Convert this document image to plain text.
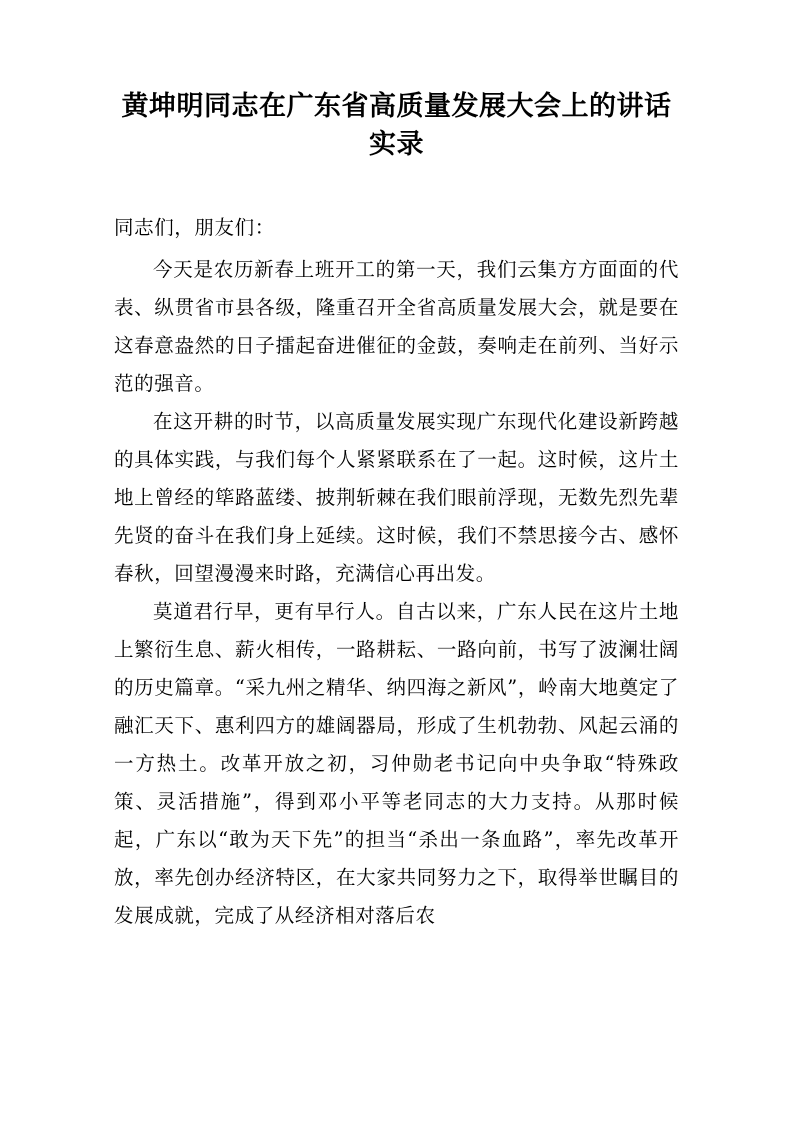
黄坤明同志在广东省高质量发展大会上的讲话实录

同志们，朋友们：

今天是农历新春上班开工的第一天，我们云集方方面面的代表、纵贯省市县各级，隆重召开全省高质量发展大会，就是要在这春意盎然的日子擂起奋进催征的金鼓，奏响走在前列、当好示范的强音。

在这开耕的时节，以高质量发展实现广东现代化建设新跨越的具体实践，与我们每个人紧紧联系在了一起。这时候，这片土地上曾经的筚路蓝缕、披荆斩棘在我们眼前浮现，无数先烈先辈先贤的奋斗在我们身上延续。这时候，我们不禁思接今古、感怀春秋，回望漫漫来时路，充满信心再出发。

莫道君行早，更有早行人。自古以来，广东人民在这片土地上繁衍生息、薪火相传，一路耕耘、一路向前，书写了波澜壮阔的历史篇章。“采九州之精华、纳四海之新风”，岭南大地奠定了融汇天下、惠利四方的雄阔器局，形成了生机勃勃、风起云涌的一方热土。改革开放之初，习仲勋老书记向中央争取“特殊政策、灵活措施”，得到邓小平等老同志的大力支持。从那时候起，广东以“敢为天下先”的担当“杀出一条血路”，率先改革开放，率先创办经济特区，在大家共同努力之下，取得举世瞩目的发展成就，完成了从经济相对落后农
